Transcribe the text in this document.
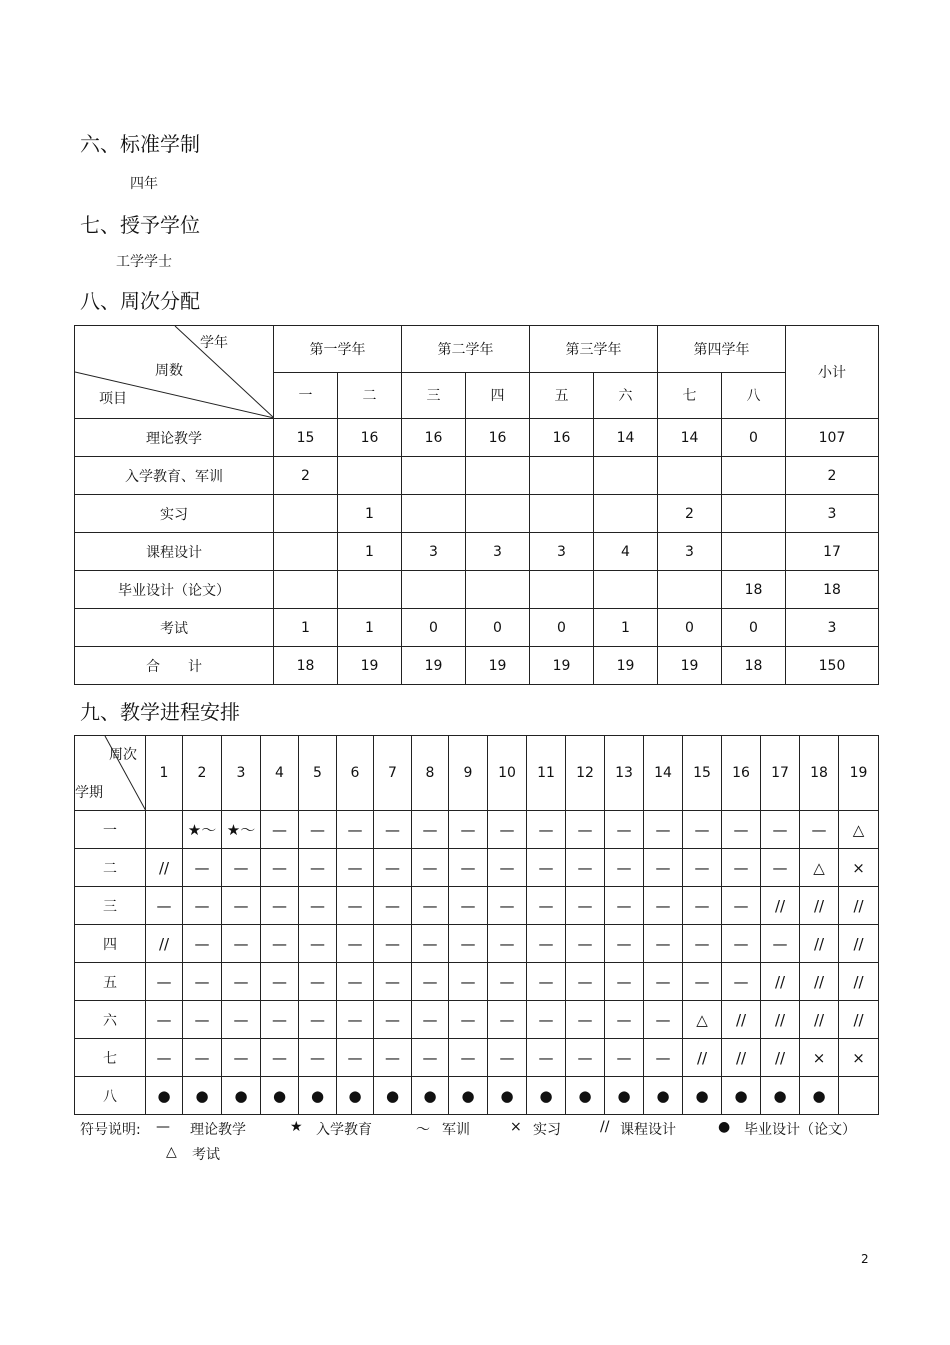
六、标准学制
四年
七、授予学位
工学学士
八、周次分配
学年
周数
项目	第一学年		第二学年		第三学年		第四学年		小计
	一	二	三	四	五	六	七	八	
理论教学	15	16	16	16	16	14	14	0	107
入学教育、军训	2								2
实习		1					2		3
课程设计		1	3	3	3	4	3		17
毕业设计（论文）								18	18
考试	1	1	0	0	0	1	0	0	3
合　　计	18	19	19	19	19	19	19	18	150
九、教学进程安排
周次
学期	1	2	3	4	5	6	7	8	9	10	11	12	13	14	15	16	17	18	19
一		★～	★～	—	—	—	—	—	—	—	—	—	—	—	—	—	—	—	△
二	//	—	—	—	—	—	—	—	—	—	—	—	—	—	—	—	—	△	×
三	—	—	—	—	—	—	—	—	—	—	—	—	—	—	—	—	//	//	//
四	//	—	—	—	—	—	—	—	—	—	—	—	—	—	—	—	—	//	//
五	—	—	—	—	—	—	—	—	—	—	—	—	—	—	—	—	//	//	//
六	—	—	—	—	—	—	—	—	—	—	—	—	—	—	△	//	//	//	//
七	—	—	—	—	—	—	—	—	—	—	—	—	—	—	//	//	//	×	×
八	●	●	●	●	●	●	●	●	●	●	●	●	●	●	●	●	●	●	
符号说明: — 理论教学	★ 入学教育	～ 军训	× 实习	// 课程设计	● 毕业设计（论文）
△ 考试
2
